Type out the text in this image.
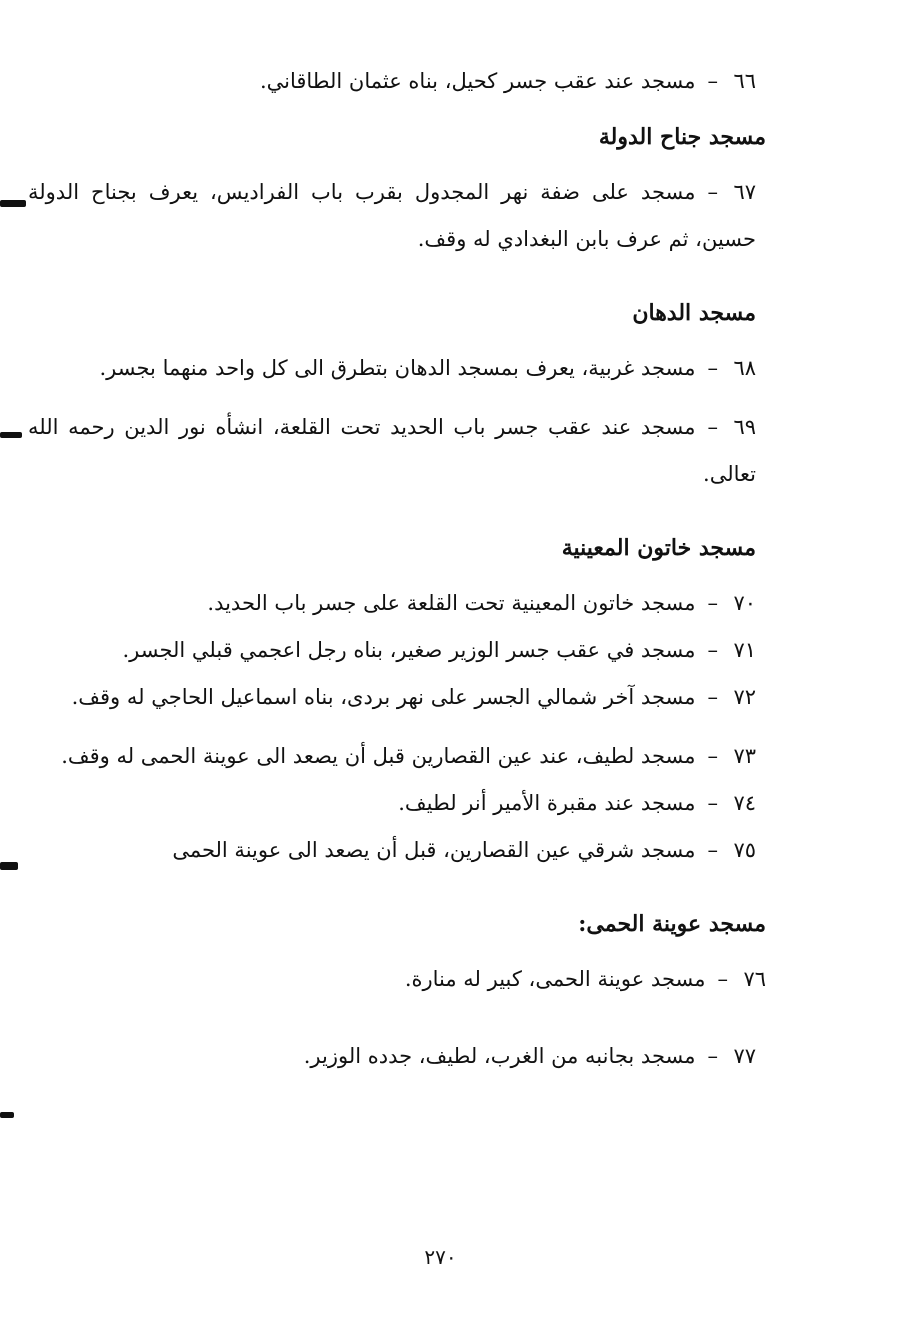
٦٦–مسجد عند عقب جسر كحيل، بناه عثمان الطاقاني.

مسجد جناح الدولة

٦٧–مسجد على ضفة نهر المجدول بقرب باب الفراديس، يعرف بجناح الدولة حسين، ثم عرف بابن البغدادي له وقف.

مسجد الدهان

٦٨–مسجد غربية، يعرف بمسجد الدهان بتطرق الى كل واحد منهما بجسر.

٦٩–مسجد عند عقب جسر باب الحديد تحت القلعة، انشأه نور الدين رحمه الله تعالى.

مسجد خاتون المعينية

٧٠–مسجد خاتون المعينية تحت القلعة على جسر باب الحديد.

٧١–مسجد في عقب جسر الوزير صغير، بناه رجل اعجمي قبلي الجسر.

٧٢–مسجد آخر شمالي الجسر على نهر بردى، بناه اسماعيل الحاجي له وقف.

٧٣–مسجد لطيف، عند عين القصارين قبل أن يصعد الى عوينة الحمى له وقف.

٧٤–مسجد عند مقبرة الأمير أنر لطيف.

٧٥–مسجد شرقي عين القصارين، قبل أن يصعد الى عوينة الحمى

مسجد عوينة الحمى:

٧٦–مسجد عوينة الحمى، كبير له منارة.

٧٧–مسجد بجانبه من الغرب، لطيف، جدده الوزير.

٢٧٠
